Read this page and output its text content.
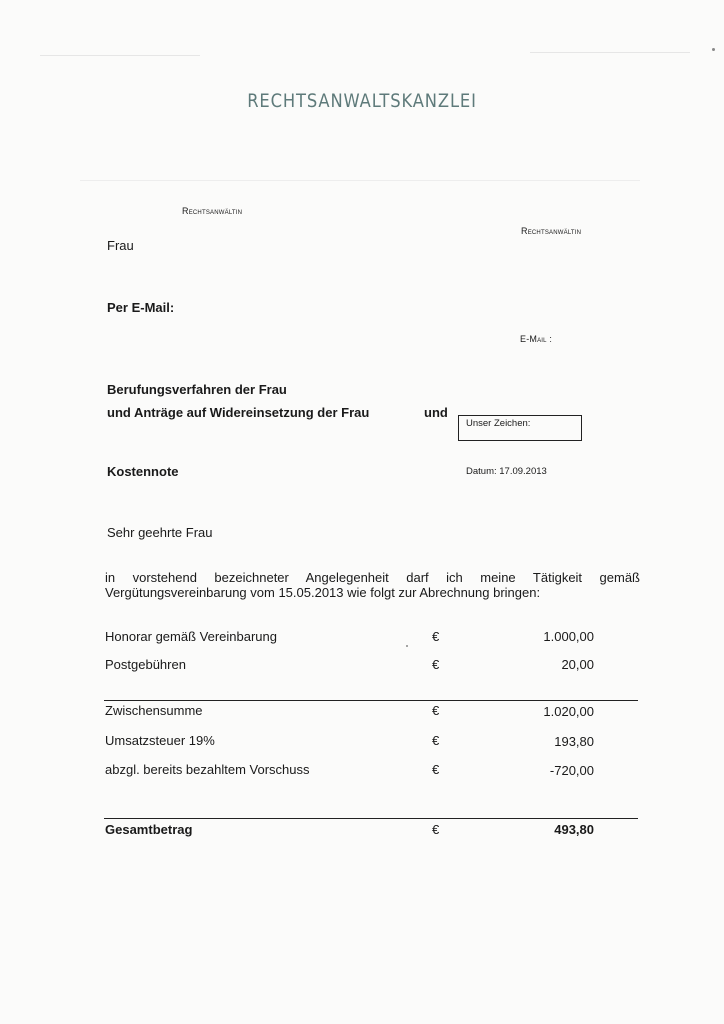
RECHTSANWALTSKANZLEI
Rechtsanwältin
Rechtsanwältin
Frau
Per E-Mail:
E-Mail :
Berufungsverfahren der Frau
und Anträge auf Widereinsetzung der Frau	und
Unser Zeichen:
Kostennote	Datum: 17.09.2013
Sehr geehrte Frau
in vorstehend bezeichneter Angelegenheit darf ich meine Tätigkeit gemäß
Vergütungsvereinbarung vom 15.05.2013 wie folgt zur Abrechnung bringen:
Honorar gemäß Vereinbarung	€	1.000,00
Postgebühren	€	20,00
Zwischensumme	€	1.020,00
Umsatzsteuer 19%	€	193,80
abzgl. bereits bezahltem Vorschuss	€	-720,00
Gesamtbetrag	€	493,80
